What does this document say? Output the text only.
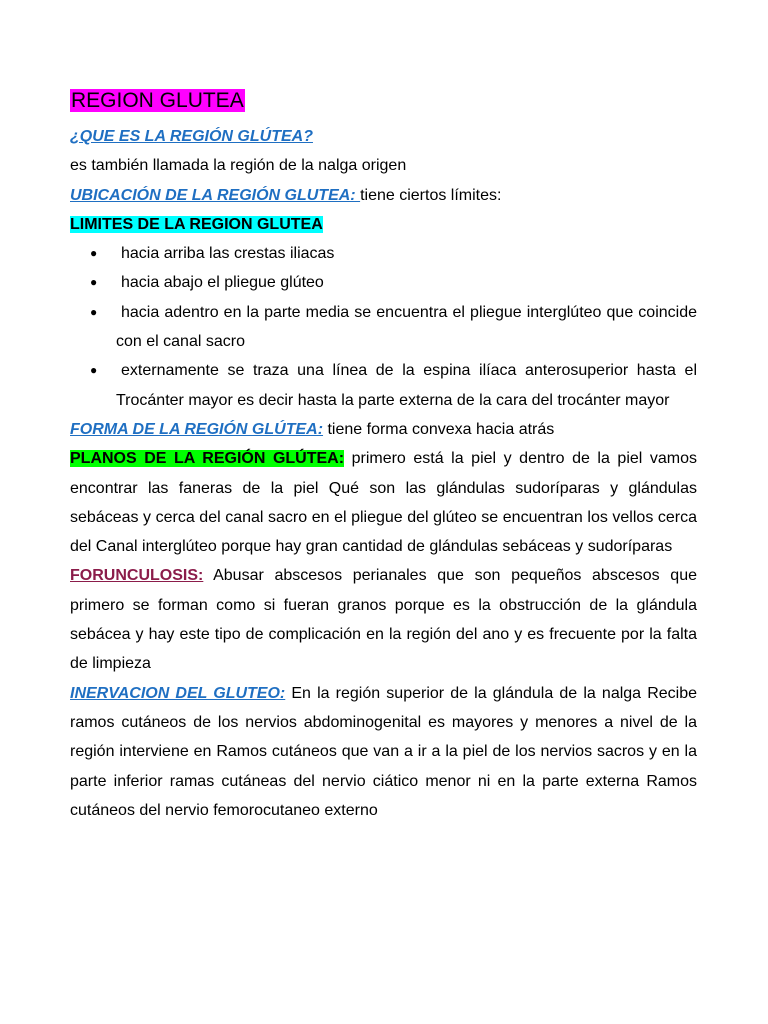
REGION GLUTEA
¿QUE ES LA REGIÓN GLÚTEA?
es también llamada la región de la nalga origen
UBICACIÓN DE LA REGIÓN GLUTEA: tiene ciertos límites:
LIMITES DE LA REGION GLUTEA
● hacia arriba las crestas iliacas
● hacia abajo el pliegue glúteo
● hacia adentro en la parte media se encuentra el pliegue interglúteo que coincide con el canal sacro
● externamente se traza una línea de la espina ilíaca anterosuperior hasta el Trocánter mayor es decir hasta la parte externa de la cara del trocánter mayor
FORMA DE LA REGIÓN GLÚTEA: tiene forma convexa hacia atrás
PLANOS DE LA REGIÓN GLÚTEA: primero está la piel y dentro de la piel vamos encontrar las faneras de la piel Qué son las glándulas sudoríparas y glándulas sebáceas y cerca del canal sacro en el pliegue del glúteo se encuentran los vellos cerca del Canal interglúteo porque hay gran cantidad de glándulas sebáceas y sudoríparas
FORUNCULOSIS: Abusar abscesos perianales que son pequeños abscesos que primero se forman como si fueran granos porque es la obstrucción de la glándula sebácea y hay este tipo de complicación en la región del ano y es frecuente por la falta de limpieza
INERVACION DEL GLUTEO: En la región superior de la glándula de la nalga Recibe ramos cutáneos de los nervios abdominogenital es mayores y menores a nivel de la región interviene en Ramos cutáneos que van a ir a la piel de los nervios sacros y en la parte inferior ramas cutáneas del nervio ciático menor ni en la parte externa Ramos cutáneos del nervio femorocutaneo externo
